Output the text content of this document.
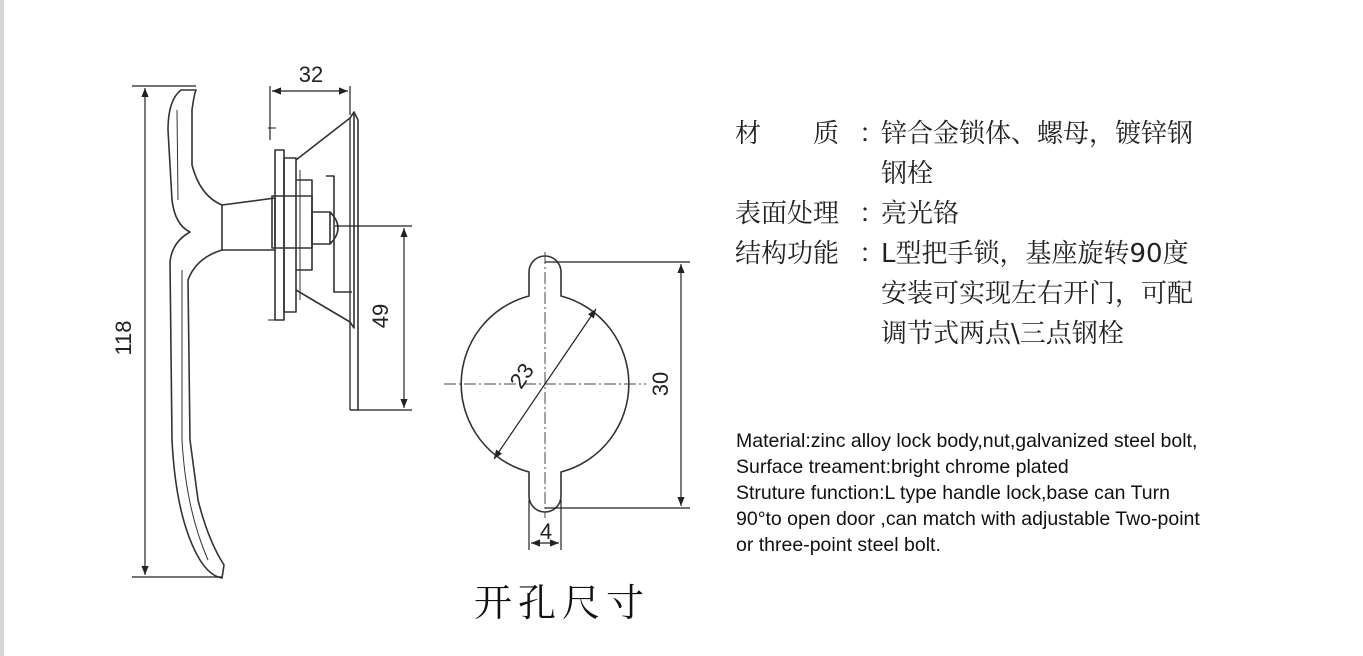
118
32
49
23	30
4
开孔尺寸
材　　质 ：
锌合金锁体、螺母，镀锌钢
钢栓
表面处理 ：
亮光铬
结构功能 ：
L型把手锁，基座旋转90度
安装可实现左右开门，可配
调节式两点\三点钢栓
Material:zinc alloy lock body,nut,galvanized steel bolt,
Surface treament:bright chrome plated
Struture function:L type handle lock,base can Turn
90°to open door ,can match with adjustable Two-point
or three-point steel bolt.
